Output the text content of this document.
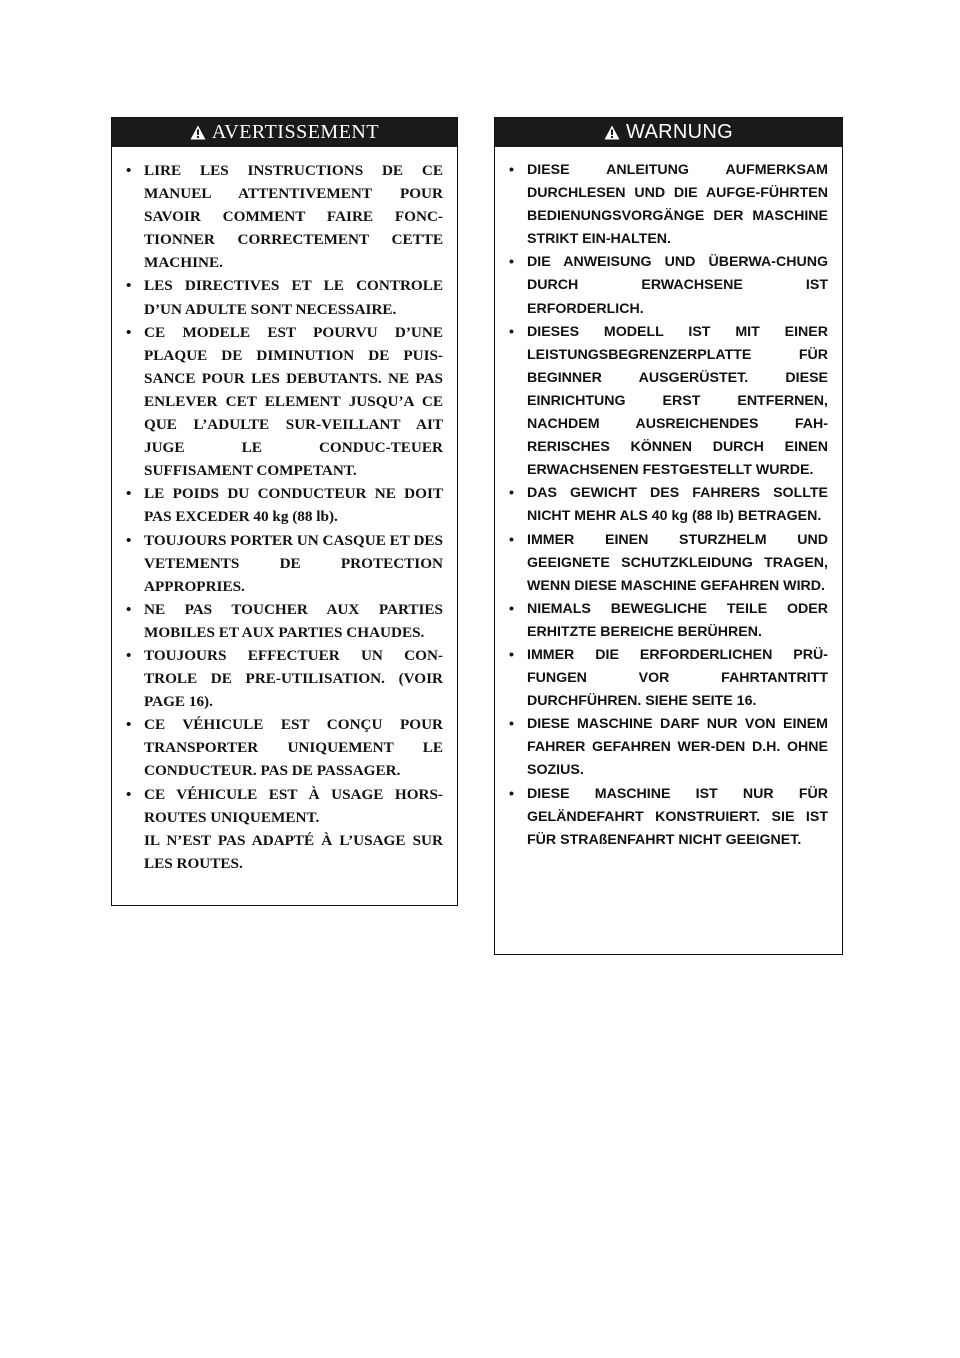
AVERTISSEMENT
• LIRE LES INSTRUCTIONS DE CE MANUEL ATTENTIVEMENT POUR SAVOIR COMMENT FAIRE FONC-TIONNER CORRECTEMENT CETTE MACHINE.
• LES DIRECTIVES ET LE CONTROLE D’UN ADULTE SONT NECESSAIRE.
• CE MODELE EST POURVU D’UNE PLAQUE DE DIMINUTION DE PUIS-SANCE POUR LES DEBUTANTS. NE PAS ENLEVER CET ELEMENT JUSQU’A CE QUE L’ADULTE SUR-VEILLANT AIT JUGE LE CONDUC-TEUER SUFFISAMENT COMPETANT.
• LE POIDS DU CONDUCTEUR NE DOIT PAS EXCEDER 40 kg (88 lb).
• TOUJOURS PORTER UN CASQUE ET DES VETEMENTS DE PROTECTION APPROPRIES.
• NE PAS TOUCHER AUX PARTIES MOBILES ET AUX PARTIES CHAUDES.
• TOUJOURS EFFECTUER UN CON-TROLE DE PRE-UTILISATION. (VOIR PAGE 16).
• CE VÉHICULE EST CONÇU POUR TRANSPORTER UNIQUEMENT LE CONDUCTEUR. PAS DE PASSAGER.
• CE VÉHICULE EST À USAGE HORS-ROUTES UNIQUEMENT.
IL N’EST PAS ADAPTÉ À L’USAGE SUR LES ROUTES.
WARNUNG
• DIESE ANLEITUNG AUFMERKSAM DURCHLESEN UND DIE AUFGE-FÜHRTEN BEDIENUNGSVORGÄNGE DER MASCHINE STRIKT EIN-HALTEN.
• DIE ANWEISUNG UND ÜBERWA-CHUNG DURCH ERWACHSENE IST ERFORDERLICH.
• DIESES MODELL IST MIT EINER LEISTUNGSBEGRENZERPLATTE FÜR BEGINNER AUSGERÜSTET. DIESE EINRICHTUNG ERST ENTFERNEN, NACHDEM AUSREICHENDES FAH-RERISCHES KÖNNEN DURCH EINEN ERWACHSENEN FESTGESTELLT WURDE.
• DAS GEWICHT DES FAHRERS SOLLTE NICHT MEHR ALS 40 kg (88 lb) BETRAGEN.
• IMMER EINEN STURZHELM UND GEEIGNETE SCHUTZKLEIDUNG TRAGEN, WENN DIESE MASCHINE GEFAHREN WIRD.
• NIEMALS BEWEGLICHE TEILE ODER ERHITZTE BEREICHE BERÜHREN.
• IMMER DIE ERFORDERLICHEN PRÜ-FUNGEN VOR FAHRTANTRITT DURCHFÜHREN. SIEHE SEITE 16.
• DIESE MASCHINE DARF NUR VON EINEM FAHRER GEFAHREN WER-DEN D.H. OHNE SOZIUS.
• DIESE MASCHINE IST NUR FÜR GELÄNDEFAHRT KONSTRUIERT. SIE IST FÜR STRAßENFAHRT NICHT GEEIGNET.
